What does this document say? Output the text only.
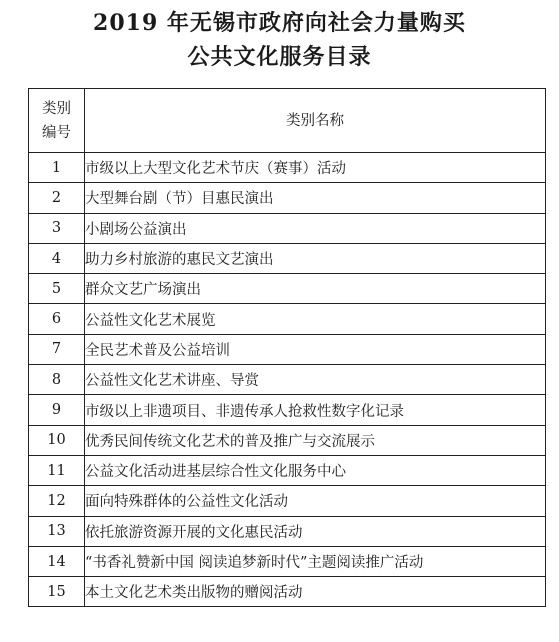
2019 年无锡市政府向社会力量购买
公共文化服务目录
类别
编号	类别名称
1	市级以上大型文化艺术节庆（赛事）活动
2	大型舞台剧（节）目惠民演出
3	小剧场公益演出
4	助力乡村旅游的惠民文艺演出
5	群众文艺广场演出
6	公益性文化艺术展览
7	全民艺术普及公益培训
8	公益性文化艺术讲座、导赏
9	市级以上非遗项目、非遗传承人抢救性数字化记录
10	优秀民间传统文化艺术的普及推广与交流展示
11	公益文化活动进基层综合性文化服务中心
12	面向特殊群体的公益性文化活动
13	依托旅游资源开展的文化惠民活动
14	“书香礼赞新中国 阅读追梦新时代”主题阅读推广活动
15	本土文化艺术类出版物的赠阅活动
